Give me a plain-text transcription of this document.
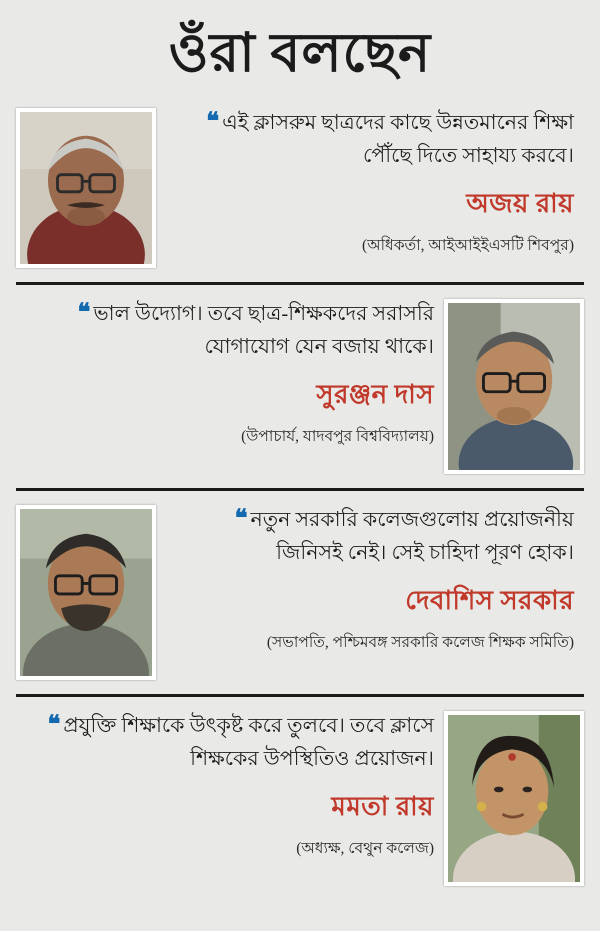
ওঁরা বলছেন

❝ এই ক্লাসরুম ছাত্রদের কাছে উন্নতমানের শিক্ষা পৌঁছে দিতে সাহায্য করবে।

অজয় রায়
(অধিকর্তা, আইআইইএসটি শিবপুর)

❝ ভাল উদ্যোগ। তবে ছাত্র-শিক্ষকদের সরাসরি যোগাযোগ যেন বজায় থাকে।

সুরঞ্জন দাস
(উপাচার্য, যাদবপুর বিশ্ববিদ্যালয়)

❝ নতুন সরকারি কলেজগুলোয় প্রয়োজনীয় জিনিসই নেই। সেই চাহিদা পূরণ হোক।

দেবাশিস সরকার
(সভাপতি, পশ্চিমবঙ্গ সরকারি কলেজ শিক্ষক সমিতি)

❝ প্রযুক্তি শিক্ষাকে উৎকৃষ্ট করে তুলবে। তবে ক্লাসে শিক্ষকের উপস্থিতিও প্রয়োজন।

মমতা রায়
(অধ্যক্ষ, বেথুন কলেজ)
